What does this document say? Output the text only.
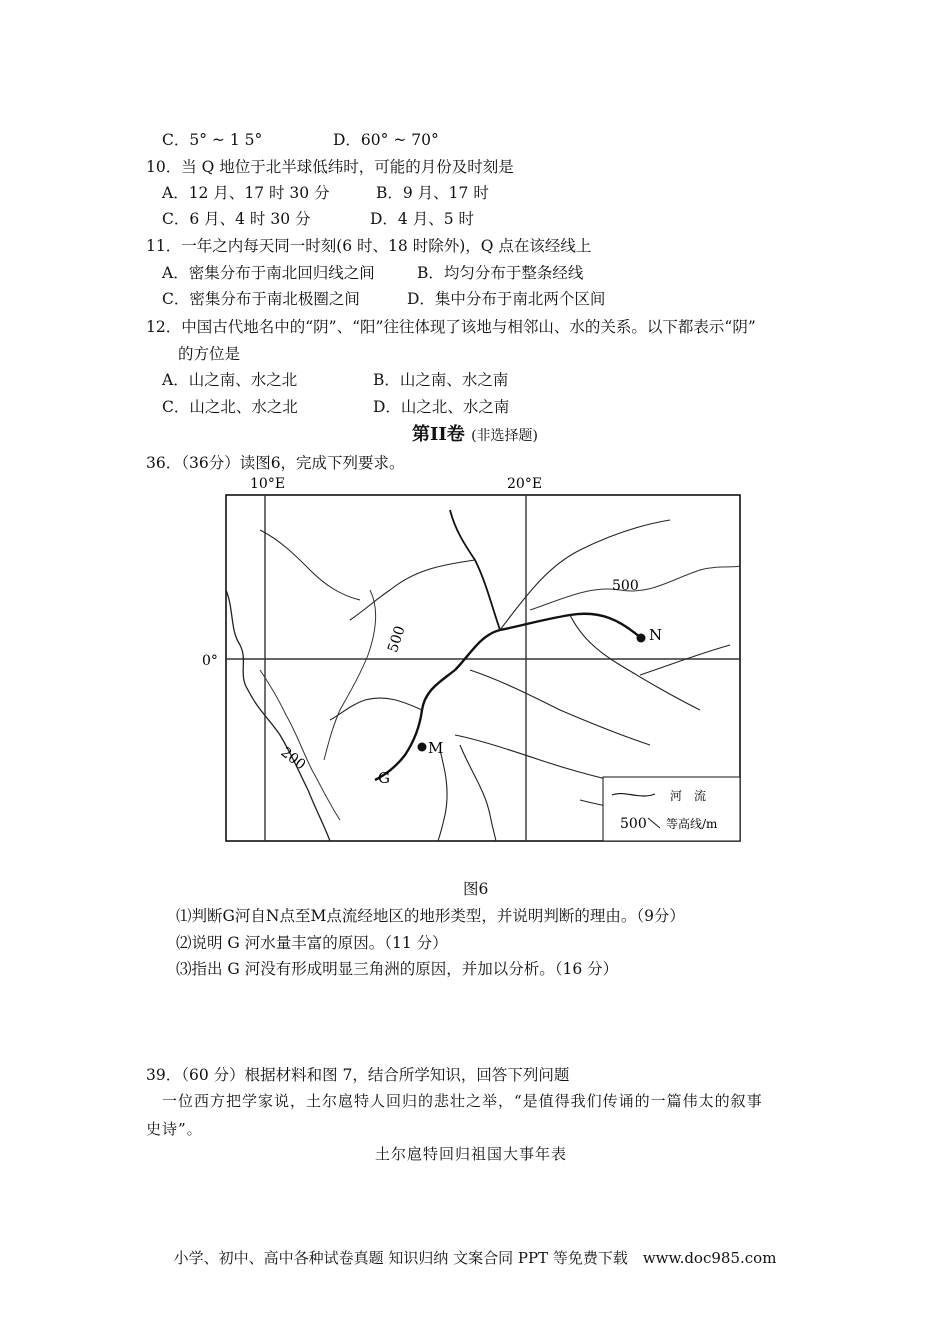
C．5° ~ 1 5°	D．60° ~ 70°
10．当 Q 地位于北半球低纬时，可能的月份及时刻是
A．12 月、17 时 30 分	B．9 月、17 时
C．6 月、4 时 30 分	D．4 月、5 时
11．一年之内每天同一时刻(6 时、18 时除外)，Q 点在该经线上
A．密集分布于南北回归线之间	B．均匀分布于整条经线
C．密集分布于南北极圈之间	D．集中分布于南北两个区间
12．中国古代地名中的“阴”、“阳”往往体现了该地与相邻山、水的关系。以下都表示“阴”
的方位是
A．山之南、水之北	B．山之南、水之南
C．山之北、水之北	D．山之北、水之南
第II卷 (非选择题)
36．（36分）读图6，完成下列要求。
10°E	20°E
0°
500
500
200
N
M
G
河　流
500 等高线/m
图6
⑴判断G河自N点至M点流经地区的地形类型，并说明判断的理由。（9分）
⑵说明 G 河水量丰富的原因。（11 分）
⑶指出 G 河没有形成明显三角洲的原因，并加以分析。（16 分）
39．（60 分）根据材料和图 7，结合所学知识，回答下列问题
一位西方把学家说，土尔扈特人回归的悲壮之举，“是值得我们传诵的一篇伟太的叙事
史诗”。
土尔扈特回归祖国大事年表
小学、初中、高中各种试卷真题 知识归纳 文案合同 PPT 等免费下载　www.doc985.com
